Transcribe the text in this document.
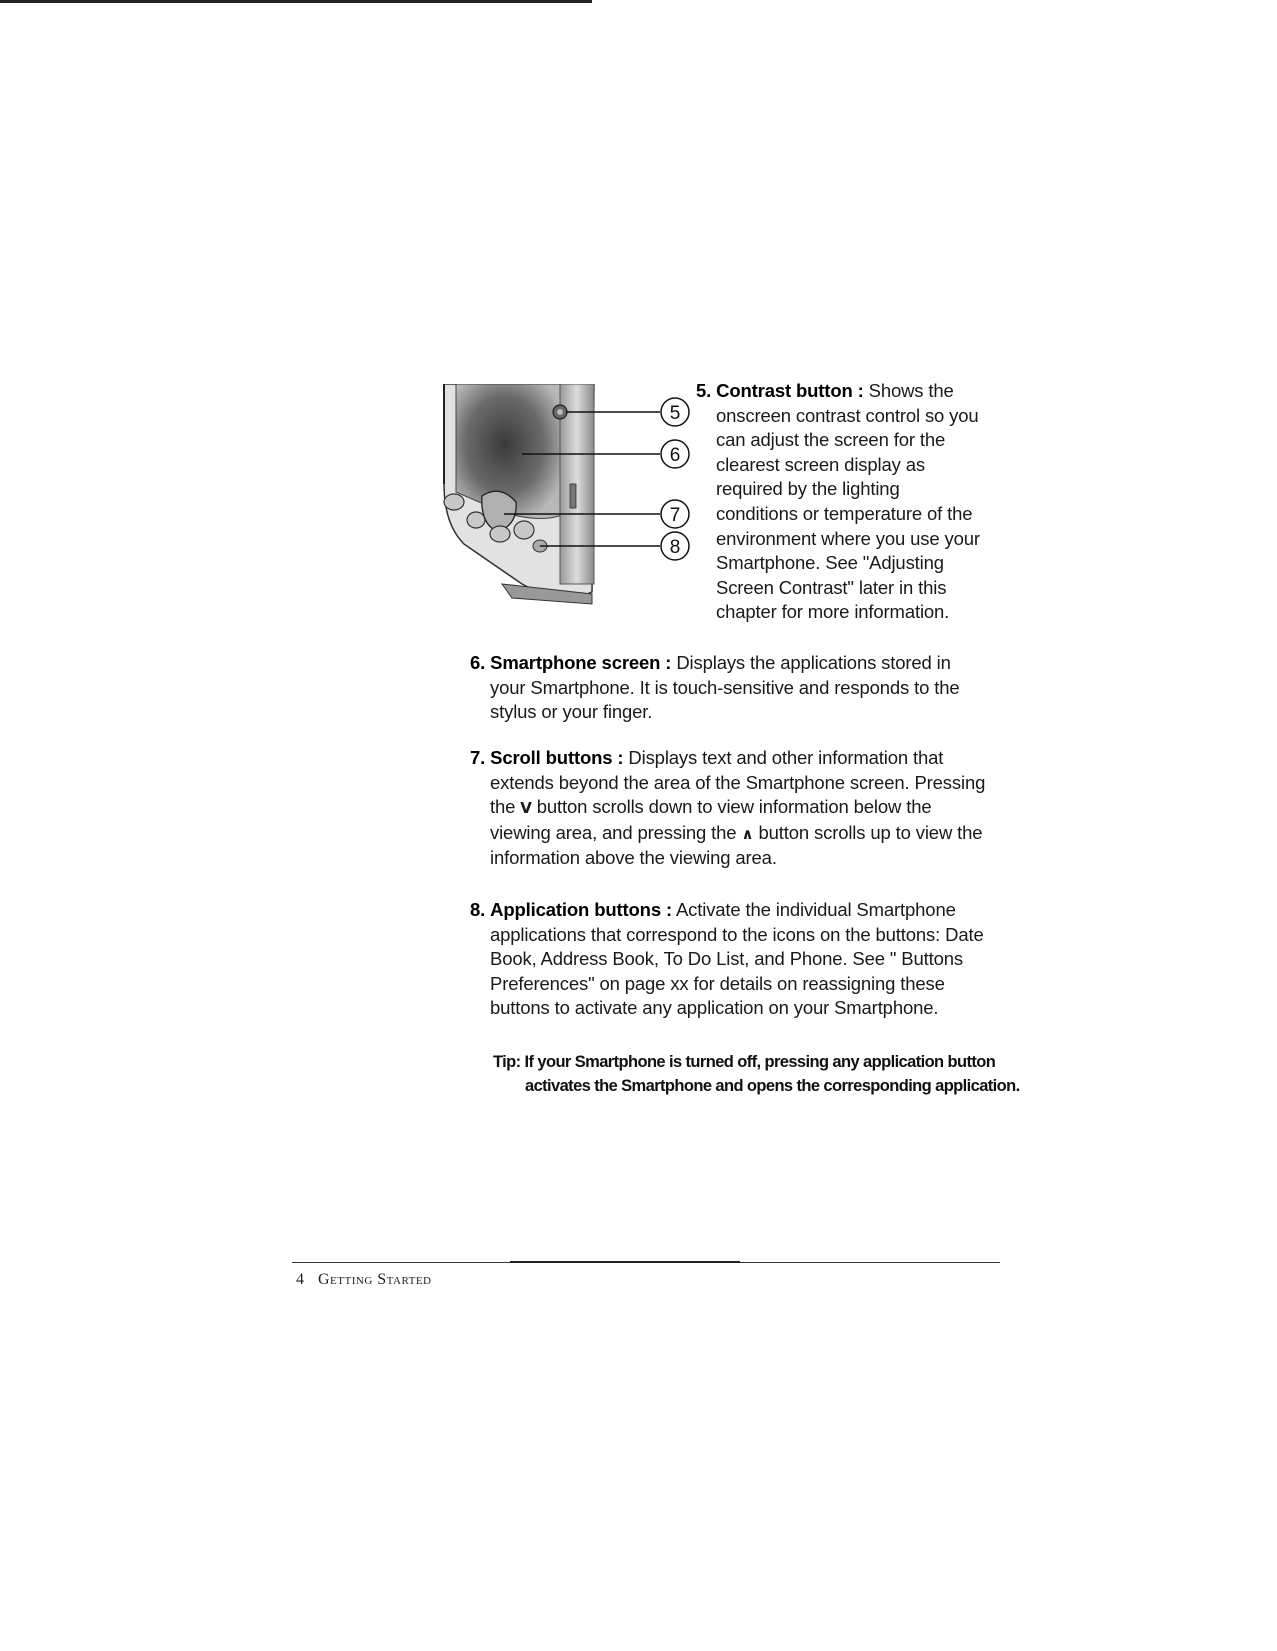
5
6
7
8

5. Contrast button : Shows the onscreen contrast control so you can adjust the screen for the clearest screen display as required by the lighting conditions or temperature of the environment where you use your Smartphone. See "Adjusting Screen Contrast" later in this chapter for more information.

6. Smartphone screen : Displays the applications stored in your Smartphone. It is touch-sensitive and responds to the stylus or your finger.

7. Scroll buttons : Displays text and other information that extends beyond the area of the Smartphone screen. Pressing the V button scrolls down to view information below the viewing area, and pressing the ∧ button scrolls up to view the information above the viewing area.

8. Application buttons : Activate the individual Smartphone applications that correspond to the icons on the buttons: Date Book, Address Book, To Do List, and Phone. See " Buttons Preferences" on page xx for details on reassigning these buttons to activate any application on your Smartphone.

Tip: If your Smartphone is turned off, pressing any application button activates the Smartphone and opens the corresponding application.
4 Getting Started
